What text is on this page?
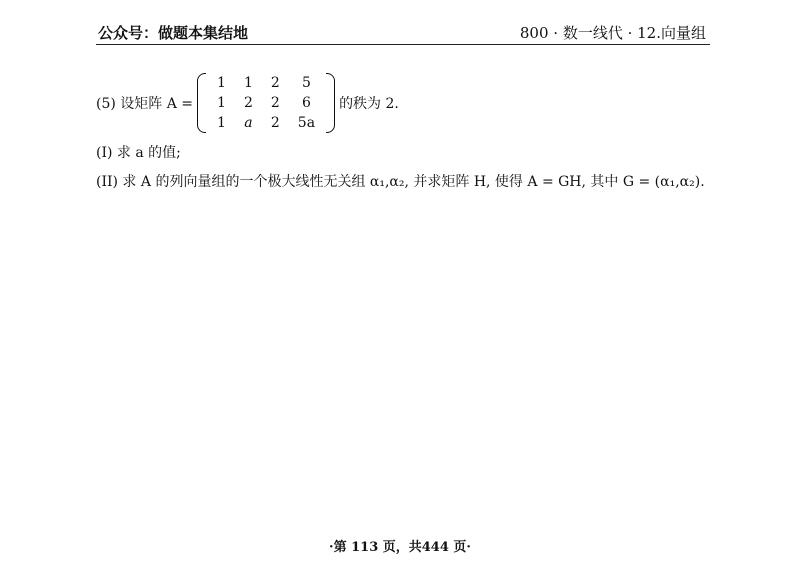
公众号：做题本集结地	800 · 数一线代 · 12.向量组
(5) 设矩阵 A =
1	1	2	5
1	2	2	6
1	a	2	5a
的秩为 2.
(I) 求 a 的值;
(II) 求 A 的列向量组的一个极大线性无关组 α₁,α₂, 并求矩阵 H, 使得 A = GH, 其中 G = (α₁,α₂).
·第 113 页，共444 页·
